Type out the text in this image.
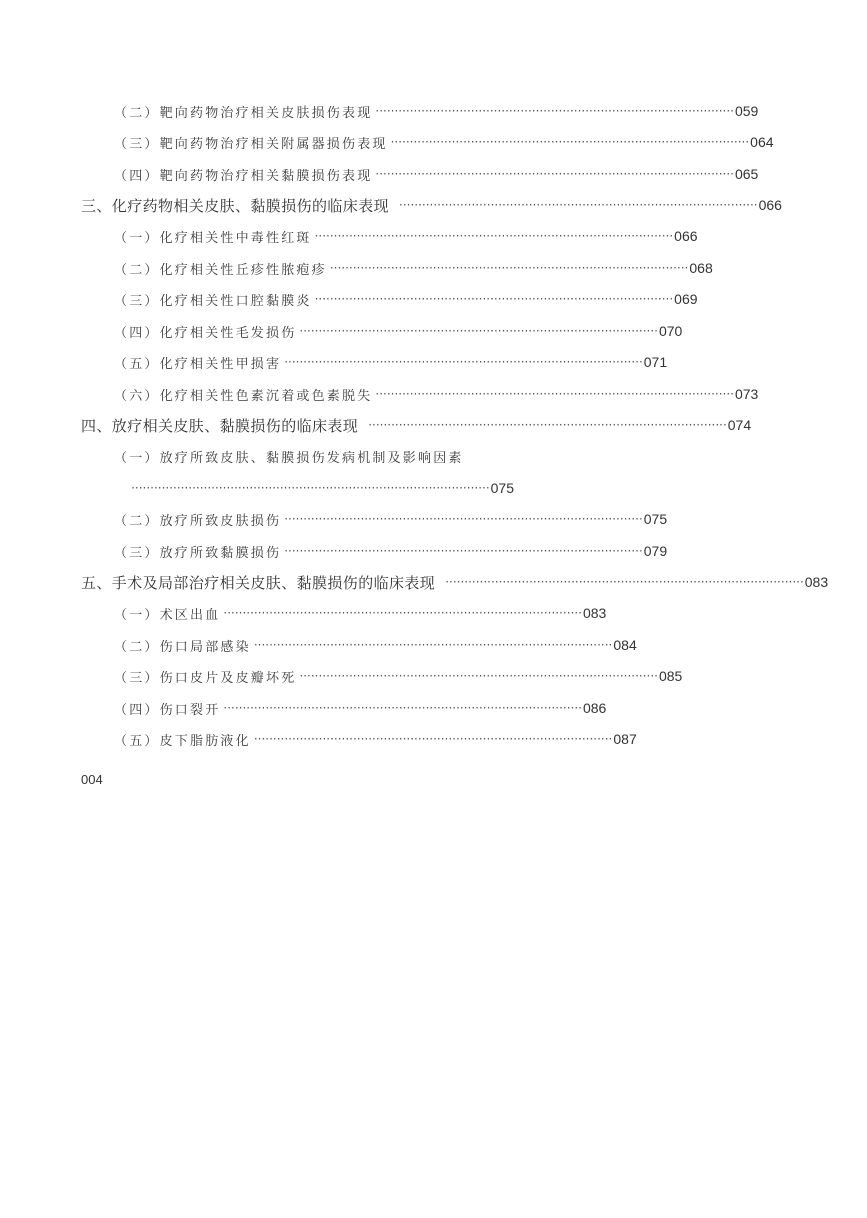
（二）靶向药物治疗相关皮肤损伤表现 ······························································································ 059
（三）靶向药物治疗相关附属器损伤表现 ······························································································ 064
（四）靶向药物治疗相关黏膜损伤表现 ······························································································ 065
三、化疗药物相关皮肤、黏膜损伤的临床表现 ······························································································ 066
（一）化疗相关性中毒性红斑 ······························································································ 066
（二）化疗相关性丘疹性脓疱疹 ······························································································ 068
（三）化疗相关性口腔黏膜炎 ······························································································ 069
（四）化疗相关性毛发损伤 ······························································································ 070
（五）化疗相关性甲损害 ······························································································ 071
（六）化疗相关性色素沉着或色素脱失 ······························································································ 073
四、放疗相关皮肤、黏膜损伤的临床表现 ······························································································ 074
（一）放疗所致皮肤、黏膜损伤发病机制及影响因素
······························································································ 075
（二）放疗所致皮肤损伤 ······························································································ 075
（三）放疗所致黏膜损伤 ······························································································ 079
五、手术及局部治疗相关皮肤、黏膜损伤的临床表现 ······························································································ 083
（一）术区出血 ······························································································ 083
（二）伤口局部感染 ······························································································ 084
（三）伤口皮片及皮瓣坏死 ······························································································ 085
（四）伤口裂开 ······························································································ 086
（五）皮下脂肪液化 ······························································································ 087
004
